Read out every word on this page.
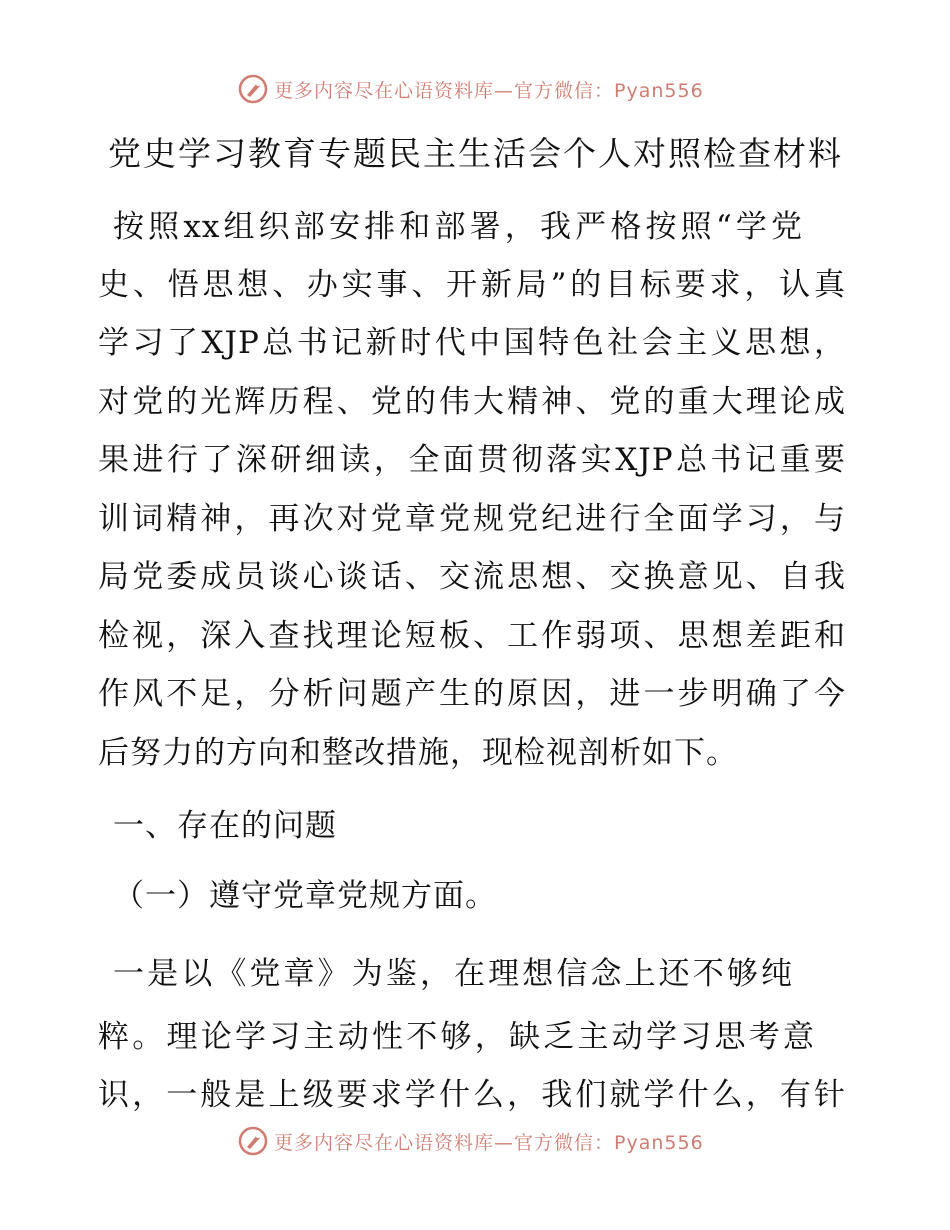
更多内容尽在心语资料库—官方微信：Pyan556
党史学习教育专题民主生活会个人对照检查材料
按照xx组织部安排和部署，我严格按照“学党
史、悟思想、办实事、开新局”的目标要求，认真
学习了XJP总书记新时代中国特色社会主义思想，
对党的光辉历程、党的伟大精神、党的重大理论成
果进行了深研细读，全面贯彻落实XJP总书记重要
训词精神，再次对党章党规党纪进行全面学习，与
局党委成员谈心谈话、交流思想、交换意见、自我
检视，深入查找理论短板、工作弱项、思想差距和
作风不足，分析问题产生的原因，进一步明确了今
后努力的方向和整改措施，现检视剖析如下。
一、存在的问题
（一）遵守党章党规方面。
一是以《党章》为鉴，在理想信念上还不够纯
粹。理论学习主动性不够，缺乏主动学习思考意
识，一般是上级要求学什么，我们就学什么，有针
更多内容尽在心语资料库—官方微信：Pyan556
